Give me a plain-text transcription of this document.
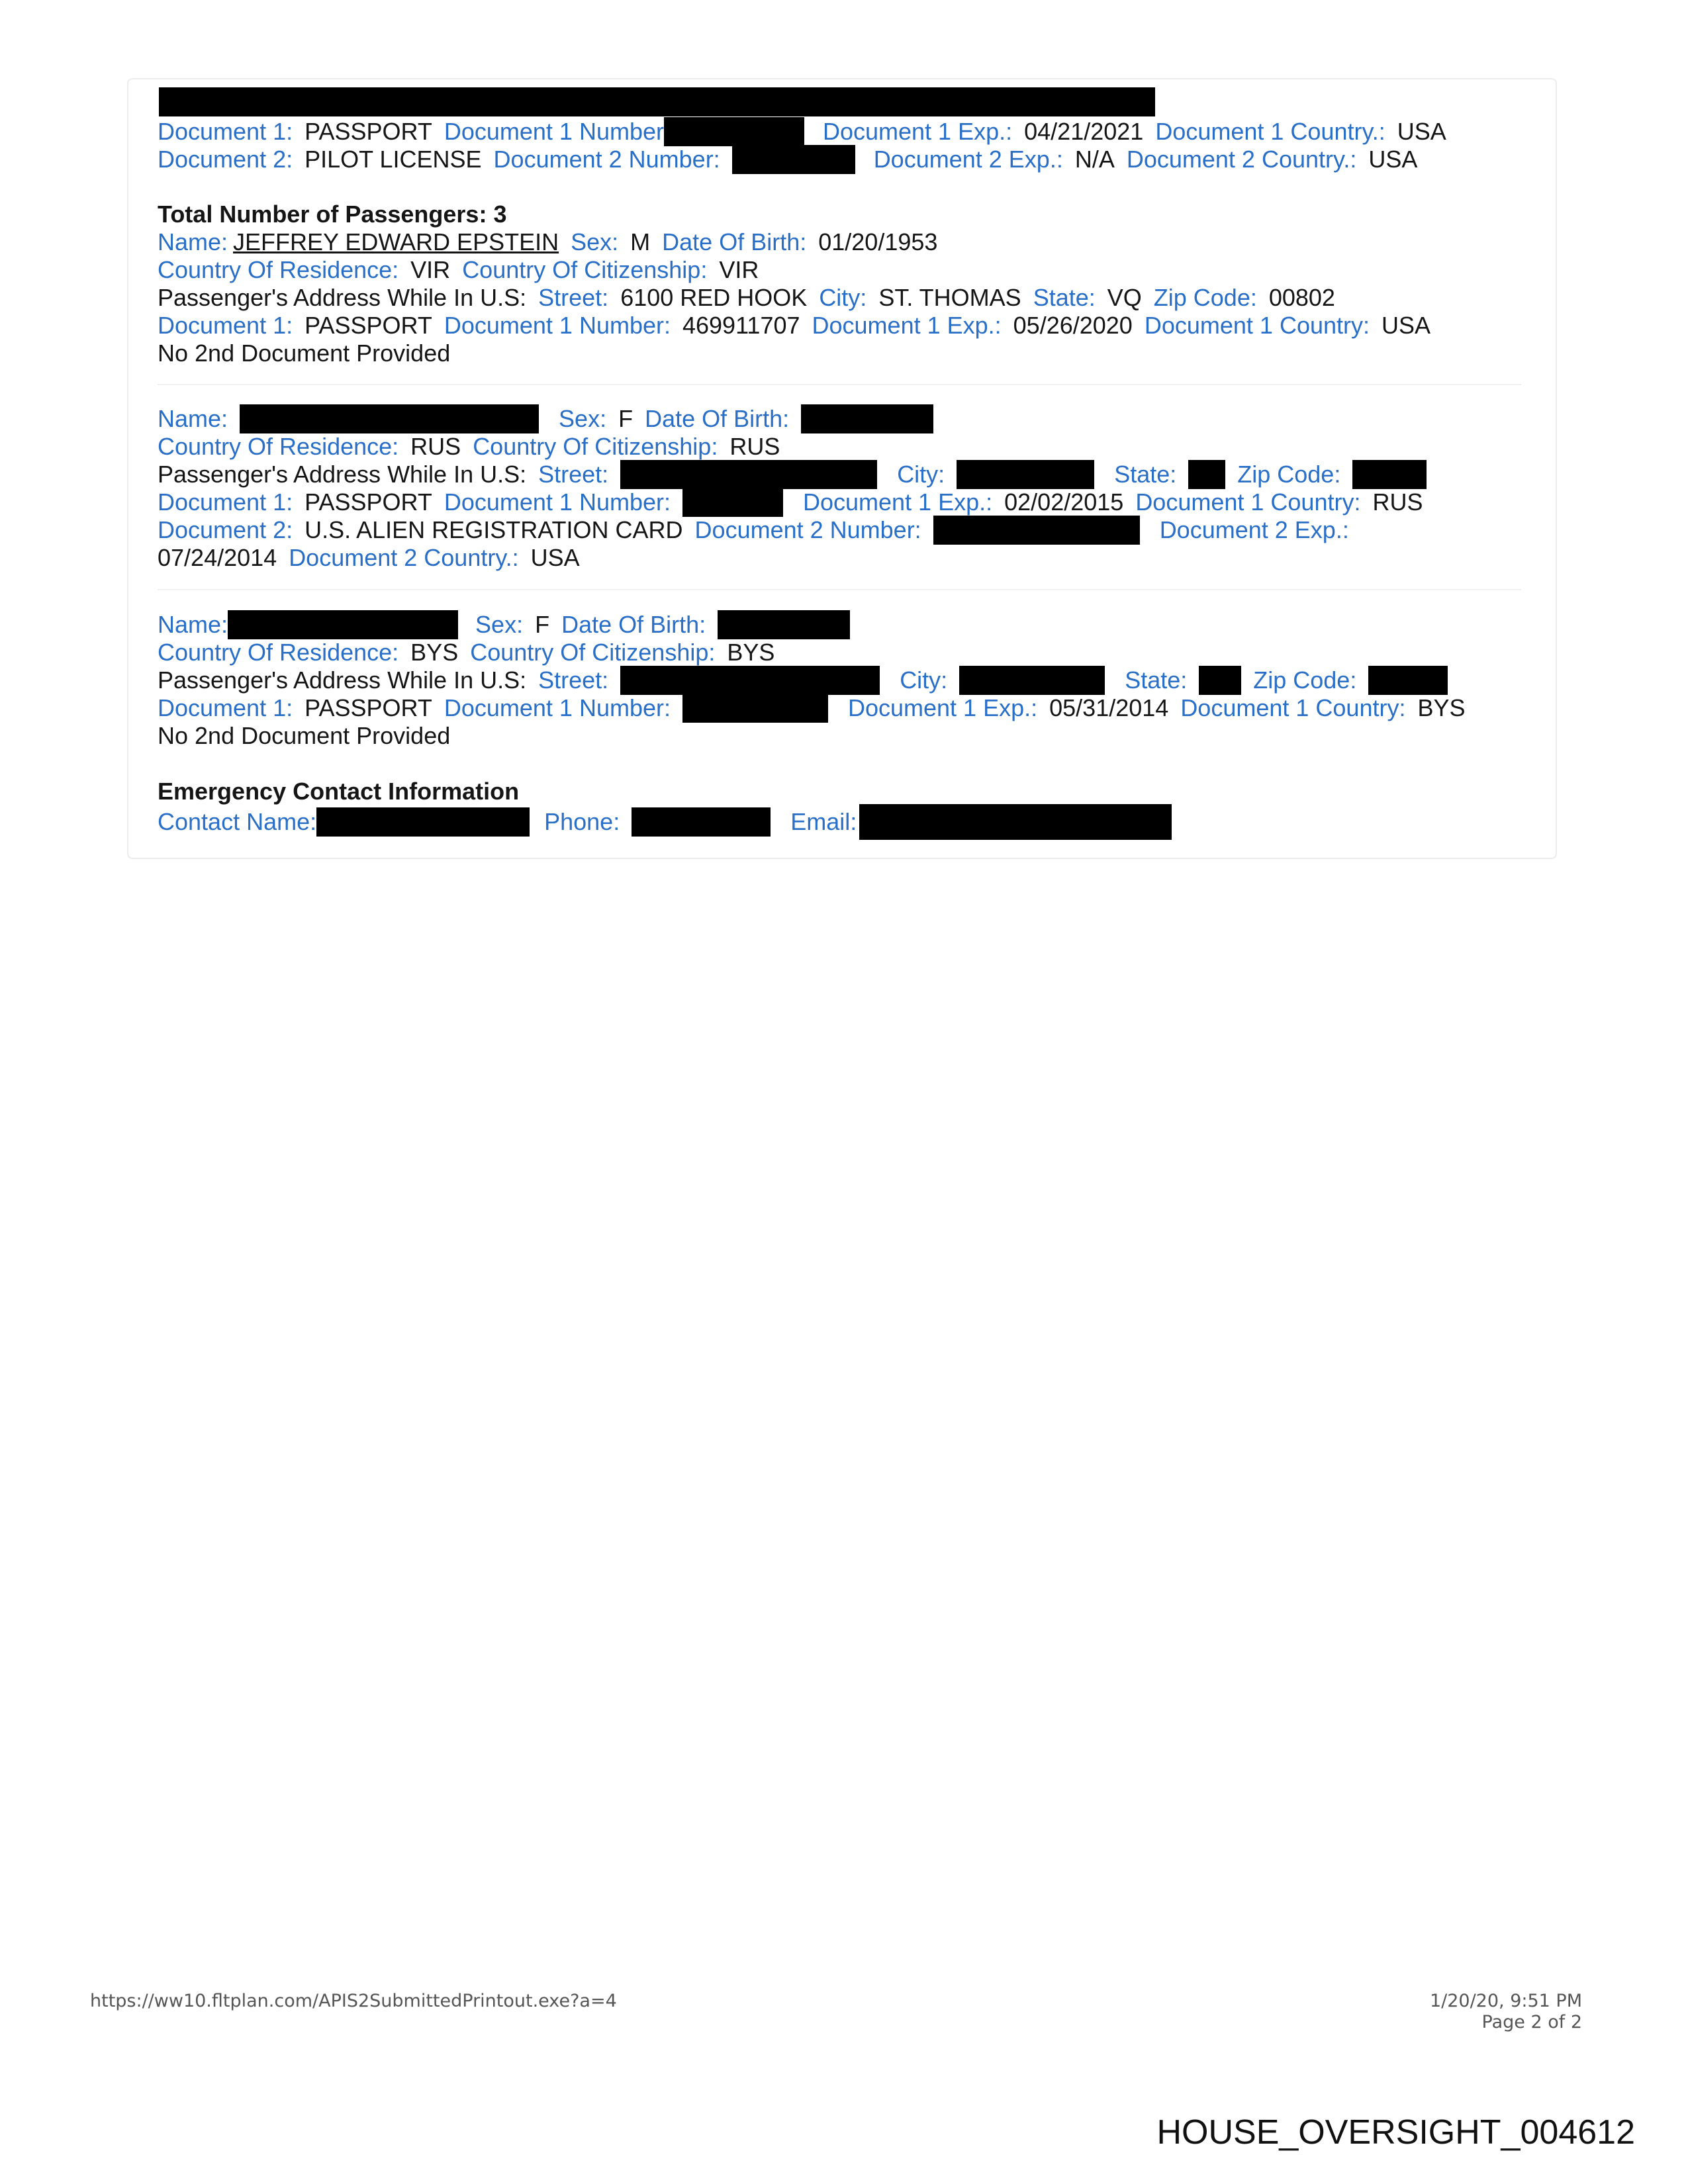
Document 1: PASSPORT Document 1 Number	Document 1 Exp.: 04/21/2021 Document 1 Country.: USA
Document 2: PILOT LICENSE Document 2 Number:	Document 2 Exp.: N/A Document 2 Country.: USA
Total Number of Passengers: 3
Name: JEFFREY EDWARD EPSTEIN Sex: M Date Of Birth: 01/20/1953
Country Of Residence: VIR Country Of Citizenship: VIR
Passenger's Address While In U.S: Street: 6100 RED HOOK City: ST. THOMAS State: VQ Zip Code: 00802
Document 1: PASSPORT Document 1 Number: 469911707 Document 1 Exp.: 05/26/2020 Document 1 Country: USA
No 2nd Document Provided
Name:	Sex: F Date Of Birth:
Country Of Residence: RUS Country Of Citizenship: RUS
Passenger's Address While In U.S: Street:	City:	State:	Zip Code:
Document 1: PASSPORT Document 1 Number:	Document 1 Exp.: 02/02/2015 Document 1 Country: RUS
Document 2: U.S. ALIEN REGISTRATION CARD Document 2 Number:	Document 2 Exp.:
07/24/2014 Document 2 Country.: USA
Name:	Sex: F Date Of Birth:
Country Of Residence: BYS Country Of Citizenship: BYS
Passenger's Address While In U.S: Street:	City:	State:	Zip Code:
Document 1: PASSPORT Document 1 Number:	Document 1 Exp.: 05/31/2014 Document 1 Country: BYS
No 2nd Document Provided
Emergency Contact Information
Contact Name:	Phone:	Email:
https://ww10.fltplan.com/APIS2SubmittedPrintout.exe?a=4	1/20/20, 9:51 PM
Page 2 of 2
HOUSE_OVERSIGHT_004612
